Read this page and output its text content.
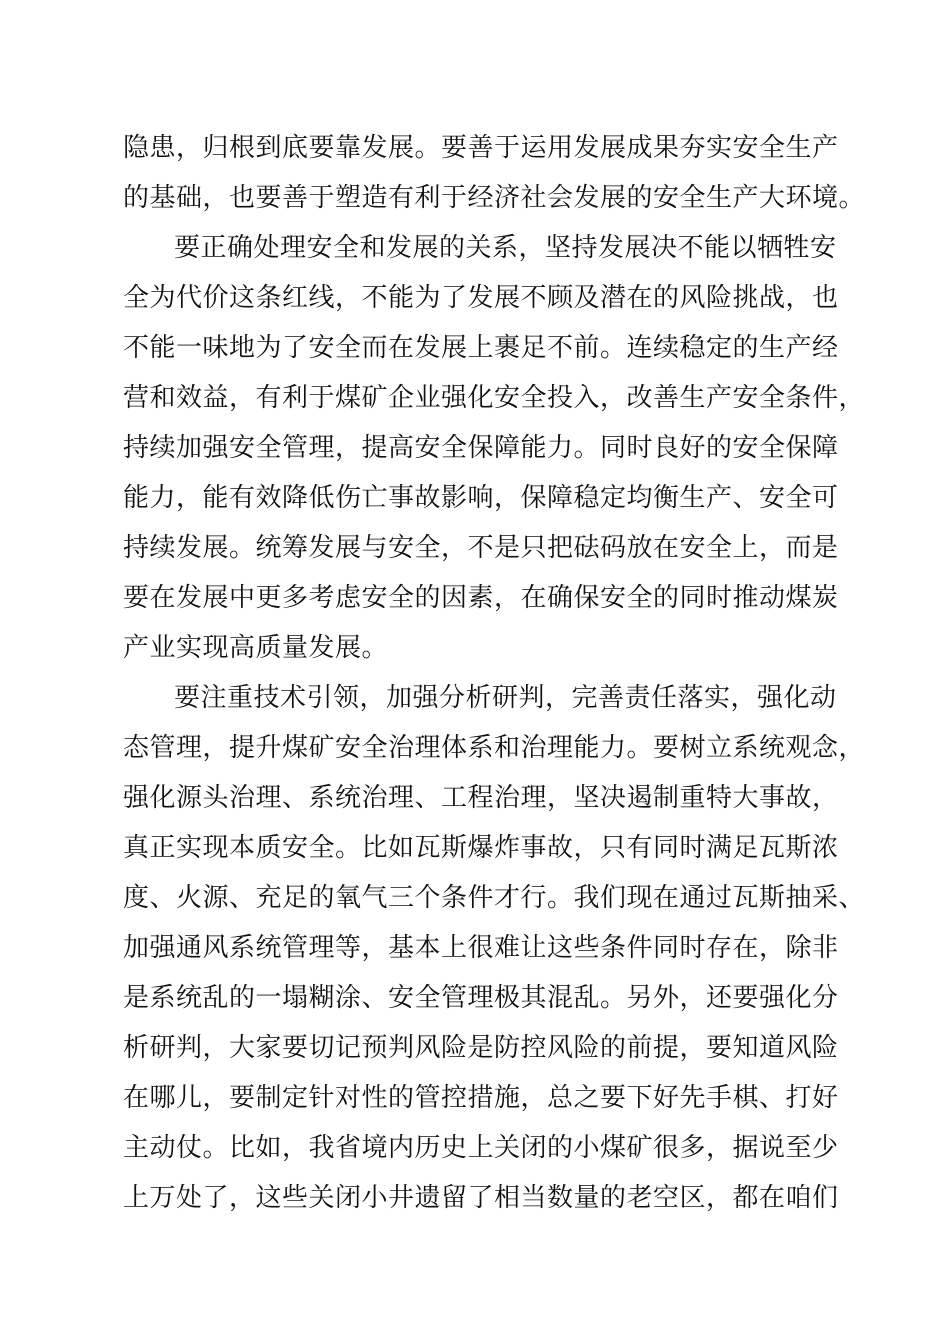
隐患，归根到底要靠发展。要善于运用发展成果夯实安全生产
的基础，也要善于塑造有利于经济社会发展的安全生产大环境。
要正确处理安全和发展的关系，坚持发展决不能以牺牲安
全为代价这条红线，不能为了发展不顾及潜在的风险挑战，也
不能一味地为了安全而在发展上裹足不前。连续稳定的生产经
营和效益，有利于煤矿企业强化安全投入，改善生产安全条件，
持续加强安全管理，提高安全保障能力。同时良好的安全保障
能力，能有效降低伤亡事故影响，保障稳定均衡生产、安全可
持续发展。统筹发展与安全，不是只把砝码放在安全上，而是
要在发展中更多考虑安全的因素，在确保安全的同时推动煤炭
产业实现高质量发展。
要注重技术引领，加强分析研判，完善责任落实，强化动
态管理，提升煤矿安全治理体系和治理能力。要树立系统观念，
强化源头治理、系统治理、工程治理，坚决遏制重特大事故，
真正实现本质安全。比如瓦斯爆炸事故，只有同时满足瓦斯浓
度、火源、充足的氧气三个条件才行。我们现在通过瓦斯抽采、
加强通风系统管理等，基本上很难让这些条件同时存在，除非
是系统乱的一塌糊涂、安全管理极其混乱。另外，还要强化分
析研判，大家要切记预判风险是防控风险的前提，要知道风险
在哪儿，要制定针对性的管控措施，总之要下好先手棋、打好
主动仗。比如，我省境内历史上关闭的小煤矿很多，据说至少
上万处了，这些关闭小井遗留了相当数量的老空区，都在咱们
